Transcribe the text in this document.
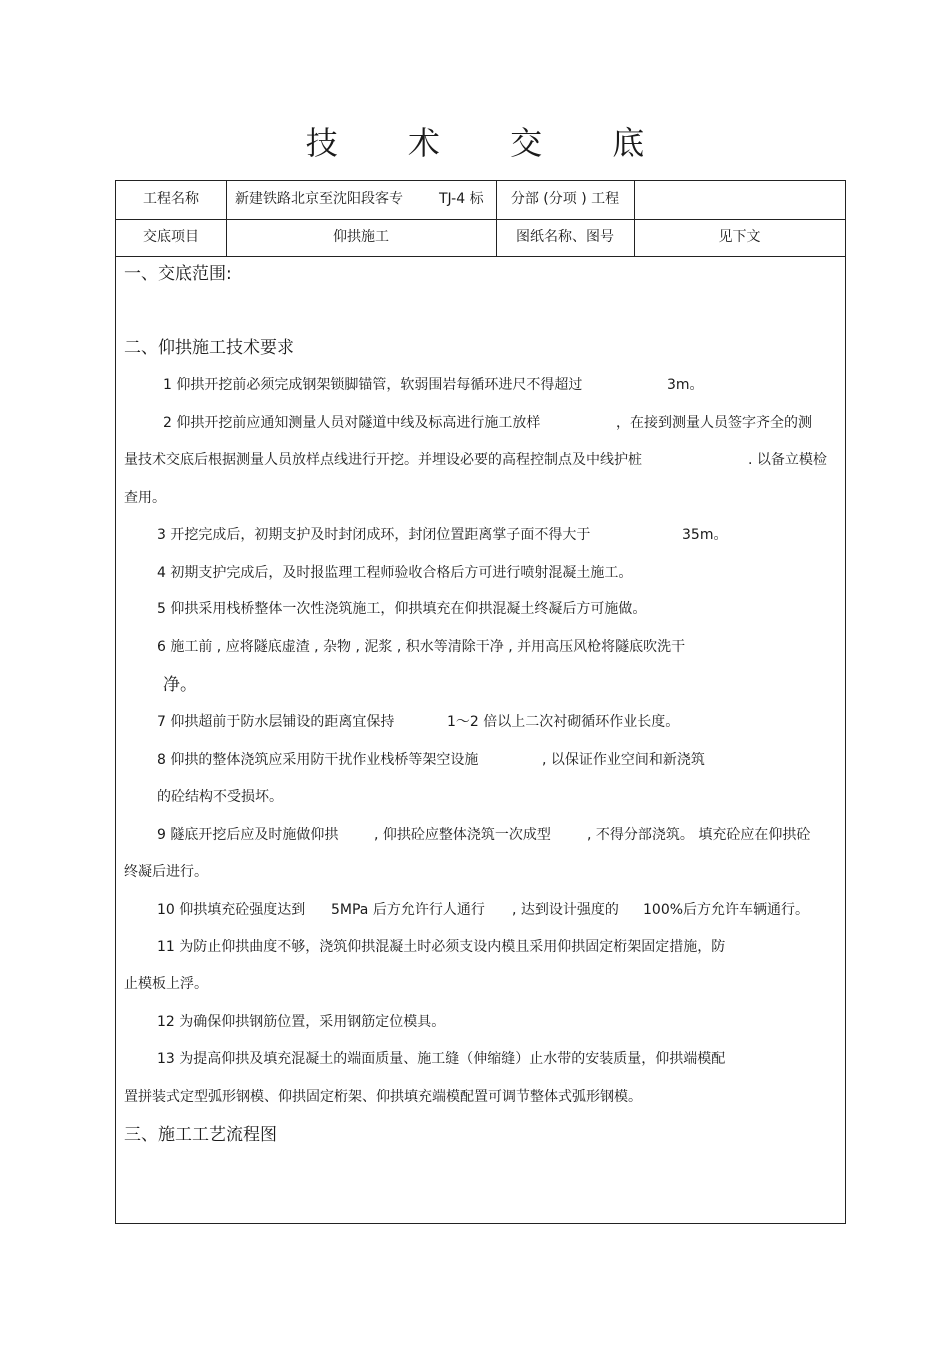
技 术 交 底
工程名称	新建铁路北京至沈阳段客专	TJ-4 标	分部 (分项 ) 工程
交底项目	仰拱施工	图纸名称、图号	见下文
一、交底范围:
二、仰拱施工技术要求
1 仰拱开挖前必须完成钢架锁脚锚管，软弱围岩每循环进尺不得超过	3m。
2 仰拱开挖前应通知测量人员对隧道中线及标高进行施工放样	，在接到测量人员签字齐全的测
量技术交底后根据测量人员放样点线进行开挖。并埋设必要的高程控制点及中线护桩	. 以备立模检
查用。
3 开挖完成后，初期支护及时封闭成环，封闭位置距离掌子面不得大于	35m。
4 初期支护完成后，及时报监理工程师验收合格后方可进行喷射混凝土施工。
5 仰拱采用栈桥整体一次性浇筑施工，仰拱填充在仰拱混凝土终凝后方可施做。
6 施工前 , 应将隧底虚渣 , 杂物 , 泥浆 , 积水等清除干净 , 并用高压风枪将隧底吹洗干
净。
7 仰拱超前于防水层铺设的距离宜保持	1～2 倍以上二次衬砌循环作业长度。
8 仰拱的整体浇筑应采用防干扰作业栈桥等架空设施	, 以保证作业空间和新浇筑
的砼结构不受损坏。
9 隧底开挖后应及时施做仰拱	, 仰拱砼应整体浇筑一次成型	, 不得分部浇筑。 填充砼应在仰拱砼
终凝后进行。
10 仰拱填充砼强度达到 5MPa 后方允许行人通行 , 达到设计强度的 100%后方允许车辆通行。
11 为防止仰拱曲度不够，浇筑仰拱混凝土时必须支设内模且采用仰拱固定桁架固定措施，防
止模板上浮。
12 为确保仰拱钢筋位置，采用钢筋定位模具。
13 为提高仰拱及填充混凝土的端面质量、施工缝（伸缩缝）止水带的安装质量，仰拱端模配
置拼装式定型弧形钢模、仰拱固定桁架、仰拱填充端模配置可调节整体式弧形钢模。
三、施工工艺流程图
